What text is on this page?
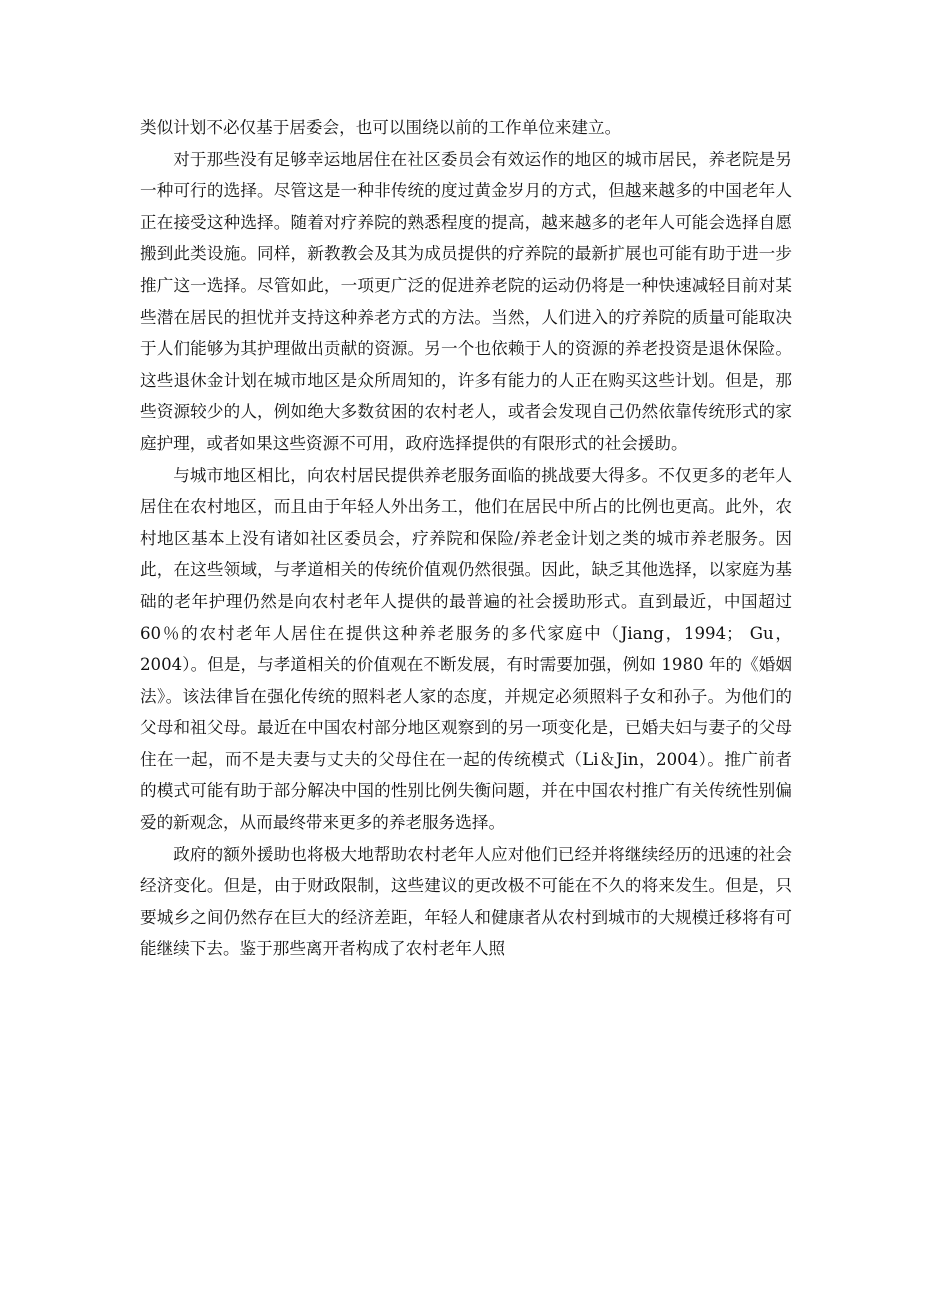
类似计划不必仅基于居委会，也可以围绕以前的工作单位来建立。

对于那些没有足够幸运地居住在社区委员会有效运作的地区的城市居民，养老院是另一种可行的选择。尽管这是一种非传统的度过黄金岁月的方式，但越来越多的中国老年人正在接受这种选择。随着对疗养院的熟悉程度的提高，越来越多的老年人可能会选择自愿搬到此类设施。同样，新教教会及其为成员提供的疗养院的最新扩展也可能有助于进一步推广这一选择。尽管如此，一项更广泛的促进养老院的运动仍将是一种快速减轻目前对某些潜在居民的担忧并支持这种养老方式的方法。当然，人们进入的疗养院的质量可能取决于人们能够为其护理做出贡献的资源。另一个也依赖于人的资源的养老投资是退休保险。这些退休金计划在城市地区是众所周知的，许多有能力的人正在购买这些计划。但是，那些资源较少的人，例如绝大多数贫困的农村老人，或者会发现自己仍然依靠传统形式的家庭护理，或者如果这些资源不可用，政府选择提供的有限形式的社会援助。

与城市地区相比，向农村居民提供养老服务面临的挑战要大得多。不仅更多的老年人居住在农村地区，而且由于年轻人外出务工，他们在居民中所占的比例也更高。此外，农村地区基本上没有诸如社区委员会，疗养院和保险/养老金计划之类的城市养老服务。因此，在这些领域，与孝道相关的传统价值观仍然很强。因此，缺乏其他选择，以家庭为基础的老年护理仍然是向农村老年人提供的最普遍的社会援助形式。直到最近，中国超过 60％的农村老年人居住在提供这种养老服务的多代家庭中（Jiang，1994； Gu，2004）。但是，与孝道相关的价值观在不断发展，有时需要加强，例如 1980 年的《婚姻法》。该法律旨在强化传统的照料老人家的态度，并规定必须照料子女和孙子。为他们的父母和祖父母。最近在中国农村部分地区观察到的另一项变化是，已婚夫妇与妻子的父母住在一起，而不是夫妻与丈夫的父母住在一起的传统模式（Li＆Jin，2004）。推广前者的模式可能有助于部分解决中国的性别比例失衡问题，并在中国农村推广有关传统性别偏爱的新观念，从而最终带来更多的养老服务选择。

政府的额外援助也将极大地帮助农村老年人应对他们已经并将继续经历的迅速的社会经济变化。但是，由于财政限制，这些建议的更改极不可能在不久的将来发生。但是，只要城乡之间仍然存在巨大的经济差距，年轻人和健康者从农村到城市的大规模迁移将有可能继续下去。鉴于那些离开者构成了农村老年人照
